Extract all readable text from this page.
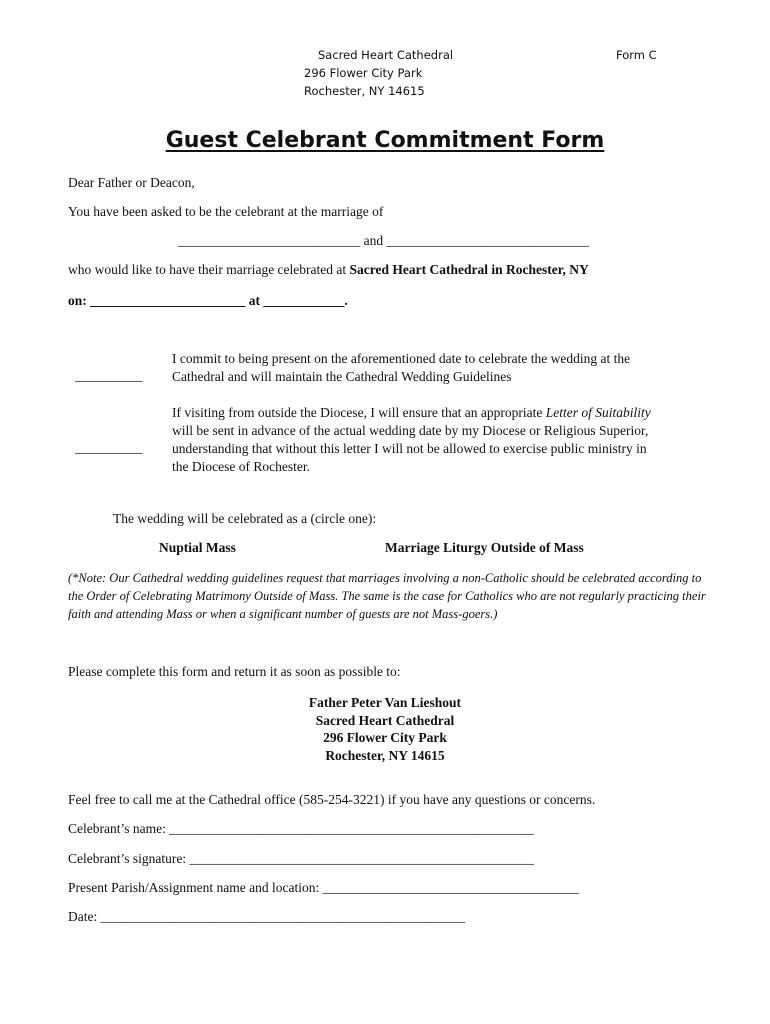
Sacred Heart Cathedral	Form C
296 Flower City Park
Rochester, NY 14615
Guest Celebrant Commitment Form
Dear Father or Deacon,
You have been asked to be the celebrant at the marriage of
___________________________ and ______________________________
who would like to have their marriage celebrated at Sacred Heart Cathedral in Rochester, NY
on: _______________________ at ____________.
__________
I commit to being present on the aforementioned date to celebrate the wedding at the Cathedral and will maintain the Cathedral Wedding Guidelines
__________
If visiting from outside the Diocese, I will ensure that an appropriate Letter of Suitability will be sent in advance of the actual wedding date by my Diocese or Religious Superior, understanding that without this letter I will not be allowed to exercise public ministry in the Diocese of Rochester.
The wedding will be celebrated as a (circle one):
Nuptial Mass	Marriage Liturgy Outside of Mass
(*Note: Our Cathedral wedding guidelines request that marriages involving a non-Catholic should be celebrated according to the Order of Celebrating Matrimony Outside of Mass. The same is the case for Catholics who are not regularly practicing their faith and attending Mass or when a significant number of guests are not Mass-goers.)
Please complete this form and return it as soon as possible to:
Father Peter Van Lieshout
Sacred Heart Cathedral
296 Flower City Park
Rochester, NY 14615
Feel free to call me at the Cathedral office (585-254-3221) if you have any questions or concerns.
Celebrant’s name: ______________________________________________________
Celebrant’s signature: ___________________________________________________
Present Parish/Assignment name and location: ______________________________________
Date: ______________________________________________________
